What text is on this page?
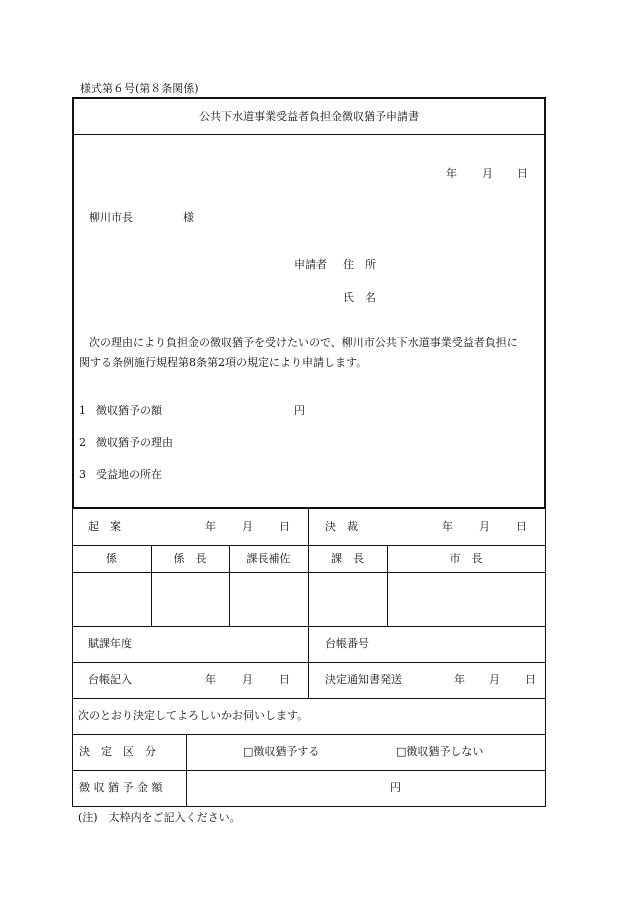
様式第６号(第８条関係)
公共下水道事業受益者負担金徴収猶予申請書
年 月 日
柳川市長	様
申請者 住　所
氏　名
次の理由により負担金の徴収猶予を受けたいので、柳川市公共下水道事業受益者負担に
関する条例施行規程第8条第2項の規定により申請します。
1 徴収猶予の額	円
2 徴収猶予の理由
3 受益地の所在
起　案	年 月 日	決　裁	年 月 日
係	係　長	課長補佐	課　長	市　長
賦課年度	台帳番号
台帳記入	年 月 日	決定通知書発送	年 月 日
次のとおり決定してよろしいかお伺いします。
決　定　区　分	□徴収猶予する	□徴収猶予しない
徴 収 猶 予 金 額	円
(注)　太枠内をご記入ください。
